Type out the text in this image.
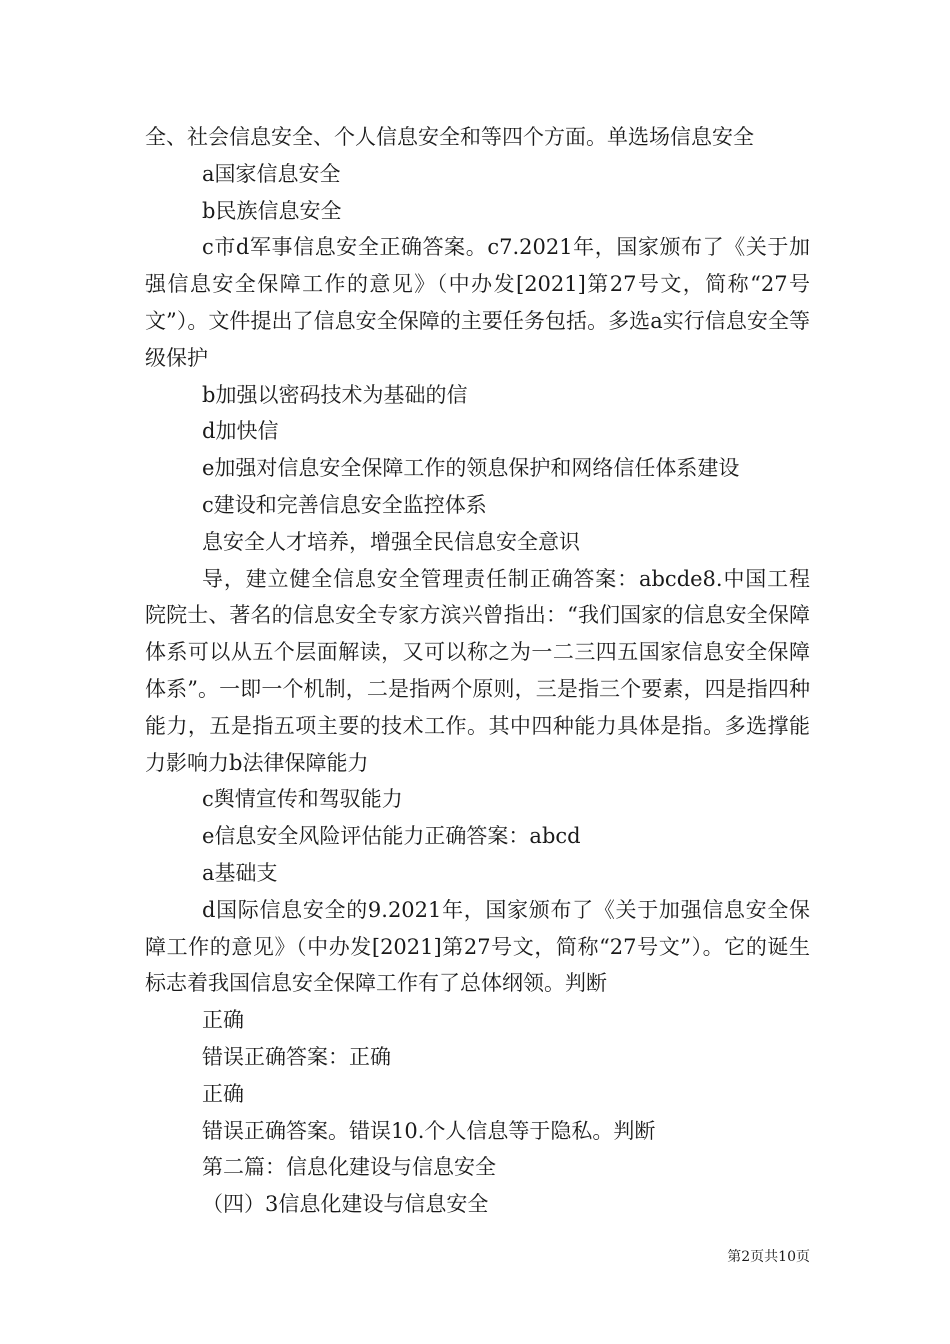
全、社会信息安全、个人信息安全和等四个方面。单选场信息安全

a国家信息安全

b民族信息安全

c市d军事信息安全正确答案。c7.2021年，国家颁布了《关于加强信息安全保障工作的意见》（中办发[2021]第27号文，简称“27号文”）。文件提出了信息安全保障的主要任务包括。多选a实行信息安全等级保护

b加强以密码技术为基础的信

d加快信

e加强对信息安全保障工作的领息保护和网络信任体系建设

c建设和完善信息安全监控体系

息安全人才培养，增强全民信息安全意识

导，建立健全信息安全管理责任制正确答案：abcde8.中国工程院院士、著名的信息安全专家方滨兴曾指出：“我们国家的信息安全保障体系可以从五个层面解读，又可以称之为一二三四五国家信息安全保障体系”。一即一个机制，二是指两个原则，三是指三个要素，四是指四种能力，五是指五项主要的技术工作。其中四种能力具体是指。多选撑能力影响力b法律保障能力

c舆情宣传和驾驭能力

e信息安全风险评估能力正确答案：abcd

a基础支

d国际信息安全的9.2021年，国家颁布了《关于加强信息安全保障工作的意见》（中办发[2021]第27号文，简称“27号文”）。它的诞生标志着我国信息安全保障工作有了总体纲领。判断

正确

错误正确答案：正确

正确

错误正确答案。错误10.个人信息等于隐私。判断

第二篇：信息化建设与信息安全

（四）3信息化建设与信息安全

第2页共10页
